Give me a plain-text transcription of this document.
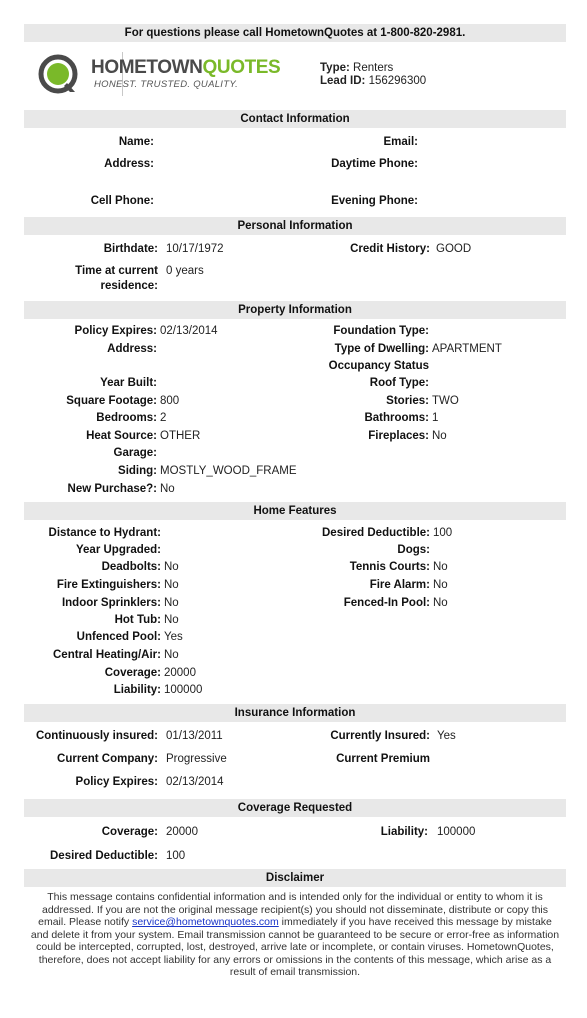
For questions please call HometownQuotes at 1-800-820-2981.
HOMETOWNQUOTES
HONEST. TRUSTED. QUALITY.
Type: Renters
Lead ID: 156296300
Contact Information
Name:	Email:
Address:	Daytime Phone:
Cell Phone:	Evening Phone:
Personal Information
Birthdate: 10/17/1972	Credit History: GOOD
Time at current
residence:
0 years
Property Information
Policy Expires: 02/13/2014	Foundation Type:
Address:	Type of Dwelling: APARTMENT
Occupancy Status
Year Built:	Roof Type:
Square Footage: 800	Stories: TWO
Bedrooms: 2	Bathrooms: 1
Heat Source: OTHER	Fireplaces: No
Garage:
Siding: MOSTLY_WOOD_FRAME
New Purchase?: No
Home Features
Distance to Hydrant:	Desired Deductible: 100
Year Upgraded:	Dogs:
Deadbolts: No	Tennis Courts: No
Fire Extinguishers: No	Fire Alarm: No
Indoor Sprinklers: No	Fenced-In Pool: No
Hot Tub: No
Unfenced Pool: Yes
Central Heating/Air: No
Coverage: 20000
Liability: 100000
Insurance Information
Continuously insured: 01/13/2011	Currently Insured: Yes
Current Company: Progressive	Current Premium
Policy Expires: 02/13/2014
Coverage Requested
Coverage: 20000	Liability: 100000
Desired Deductible: 100
Disclaimer
This message contains confidential information and is intended only for the individual or entity to whom it is addressed. If you are not the original message recipient(s) you should not disseminate, distribute or copy this email. Please notify service@hometownquotes.com immediately if you have received this message by mistake and delete it from your system. Email transmission cannot be guaranteed to be secure or error-free as information could be intercepted, corrupted, lost, destroyed, arrive late or incomplete, or contain viruses. HometownQuotes, therefore, does not accept liability for any errors or omissions in the contents of this message, which arise as a result of email transmission.
